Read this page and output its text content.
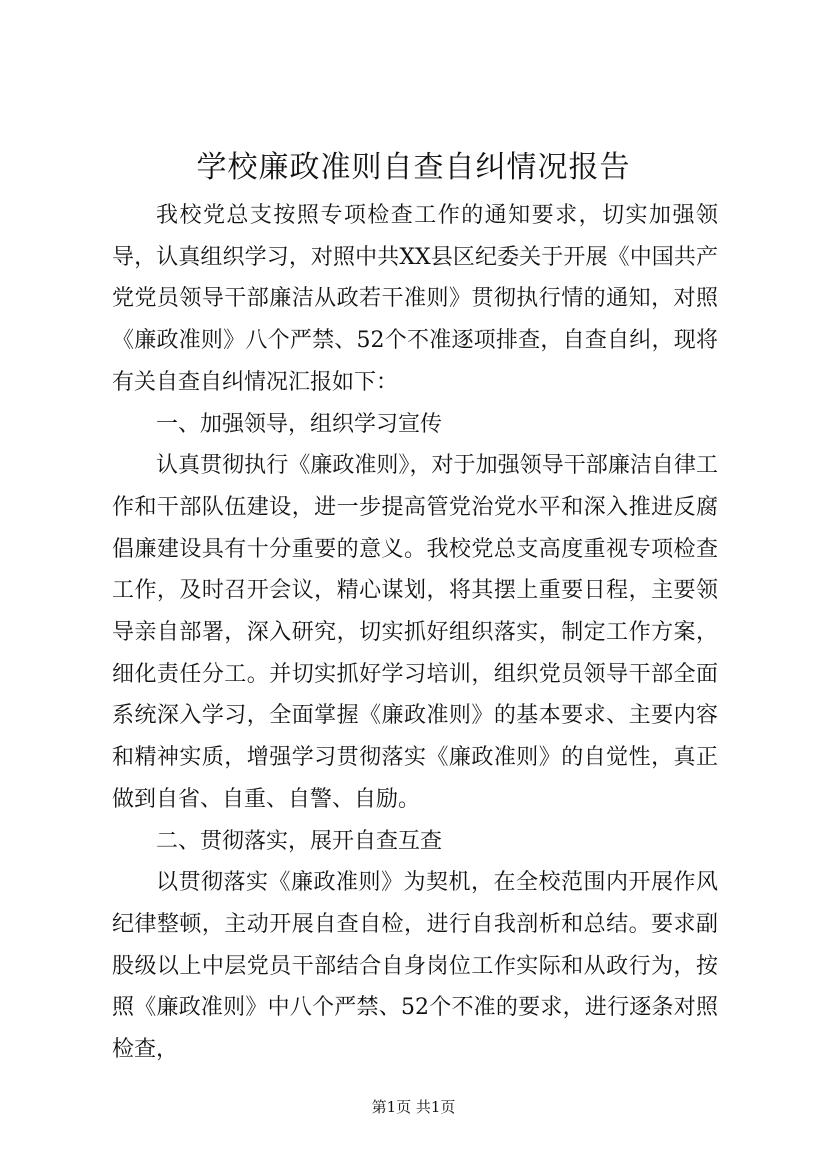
学校廉政准则自查自纠情况报告

我校党总支按照专项检查工作的通知要求，切实加强领导，认真组织学习，对照中共XX县区纪委关于开展《中国共产党党员领导干部廉洁从政若干准则》贯彻执行情的通知，对照《廉政准则》八个严禁、52个不准逐项排查，自查自纠，现将有关自查自纠情况汇报如下：

一、加强领导，组织学习宣传

认真贯彻执行《廉政准则》，对于加强领导干部廉洁自律工作和干部队伍建设，进一步提高管党治党水平和深入推进反腐倡廉建设具有十分重要的意义。我校党总支高度重视专项检查工作，及时召开会议，精心谋划，将其摆上重要日程，主要领导亲自部署，深入研究，切实抓好组织落实，制定工作方案，细化责任分工。并切实抓好学习培训，组织党员领导干部全面系统深入学习，全面掌握《廉政准则》的基本要求、主要内容和精神实质，增强学习贯彻落实《廉政准则》的自觉性，真正做到自省、自重、自警、自励。

二、贯彻落实，展开自查互查

以贯彻落实《廉政准则》为契机，在全校范围内开展作风纪律整顿，主动开展自查自检，进行自我剖析和总结。要求副股级以上中层党员干部结合自身岗位工作实际和从政行为，按照《廉政准则》中八个严禁、52个不准的要求，进行逐条对照检查，

第1页 共1页
